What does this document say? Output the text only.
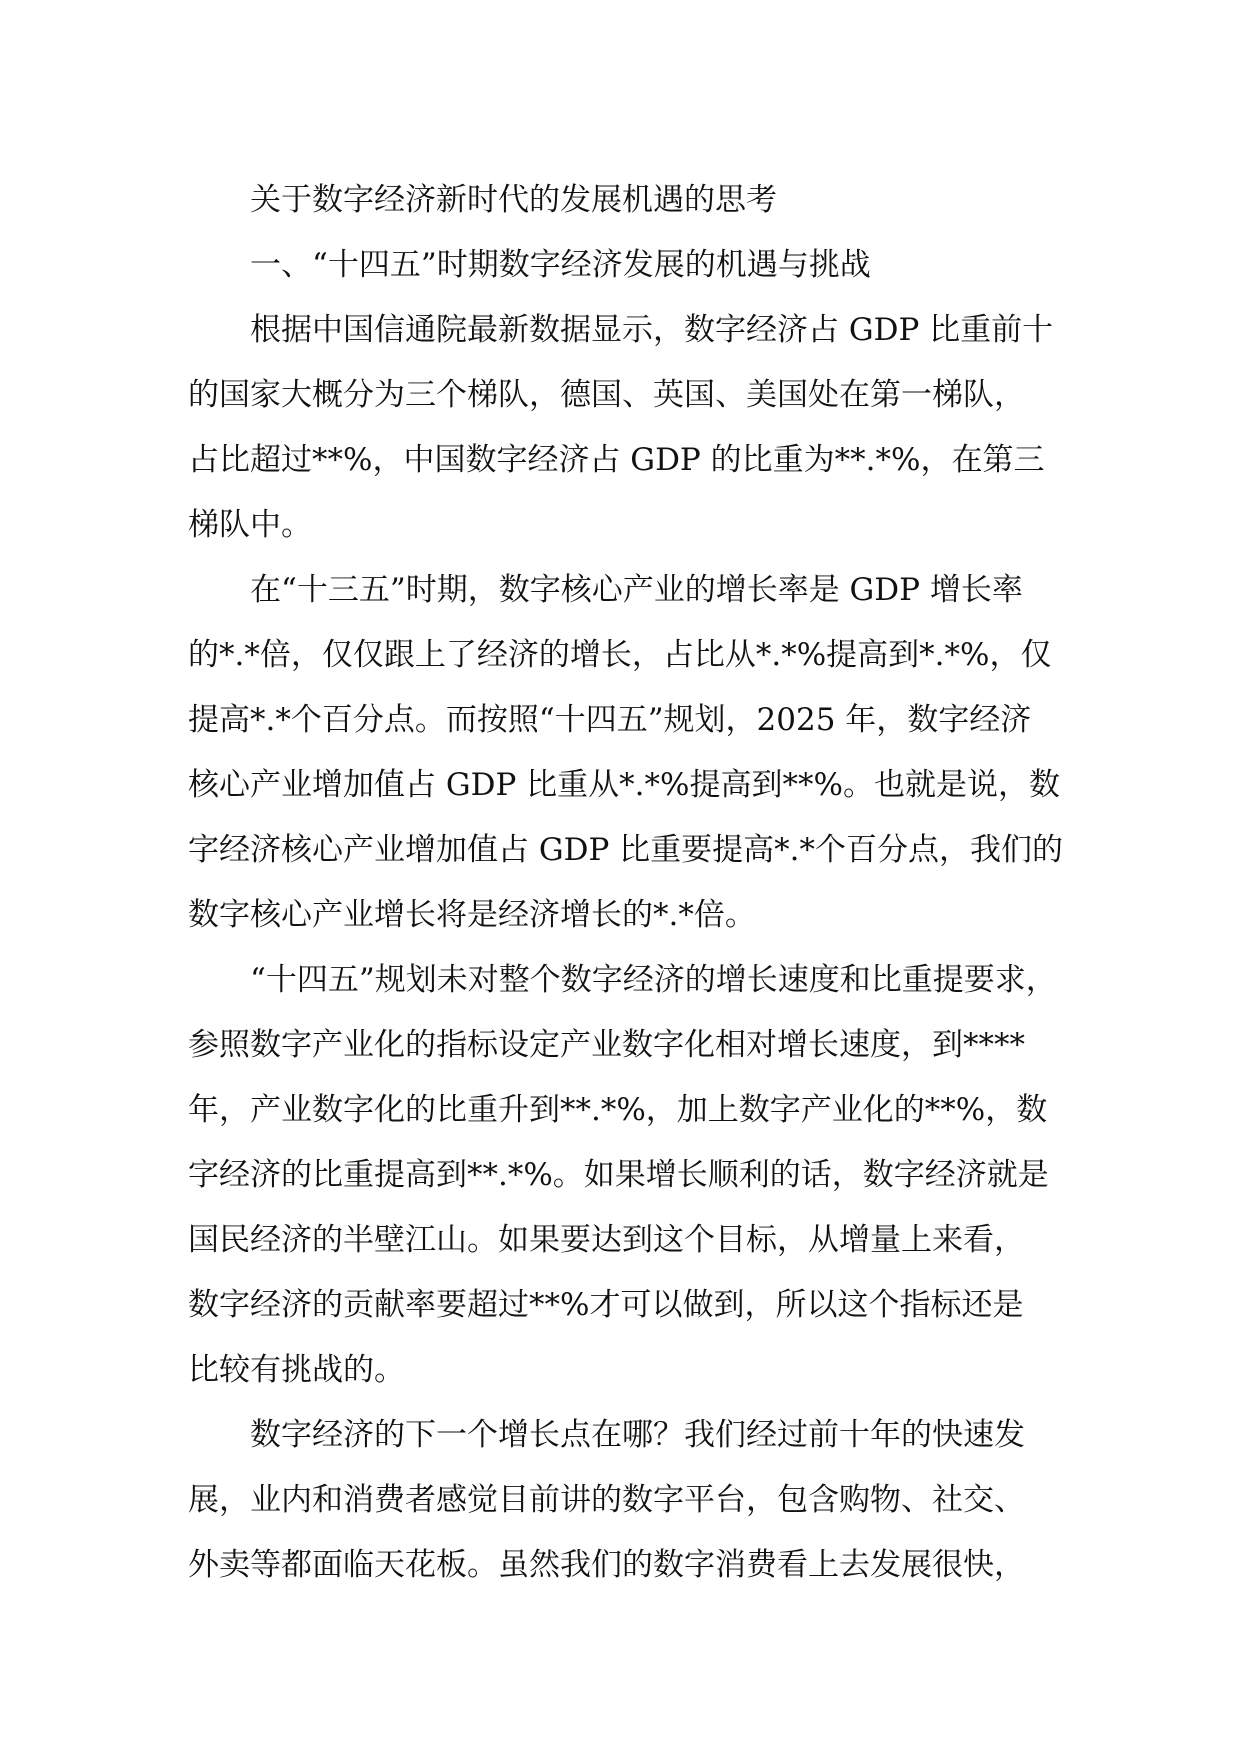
关于数字经济新时代的发展机遇的思考
一、“十四五”时期数字经济发展的机遇与挑战
根据中国信通院最新数据显示，数字经济占 GDP 比重前十
的国家大概分为三个梯队，德国、英国、美国处在第一梯队，
占比超过**%，中国数字经济占 GDP 的比重为**.*%，在第三
梯队中。
在“十三五”时期，数字核心产业的增长率是 GDP 增长率
的*.*倍，仅仅跟上了经济的增长，占比从*.*%提高到*.*%，仅
提高*.*个百分点。而按照“十四五”规划，2025 年，数字经济
核心产业增加值占 GDP 比重从*.*%提高到**%。也就是说，数
字经济核心产业增加值占 GDP 比重要提高*.*个百分点，我们的
数字核心产业增长将是经济增长的*.*倍。
“十四五”规划未对整个数字经济的增长速度和比重提要求，
参照数字产业化的指标设定产业数字化相对增长速度，到****
年，产业数字化的比重升到**.*%，加上数字产业化的**%，数
字经济的比重提高到**.*%。如果增长顺利的话，数字经济就是
国民经济的半壁江山。如果要达到这个目标，从增量上来看，
数字经济的贡献率要超过**%才可以做到，所以这个指标还是
比较有挑战的。
数字经济的下一个增长点在哪？我们经过前十年的快速发
展，业内和消费者感觉目前讲的数字平台，包含购物、社交、
外卖等都面临天花板。虽然我们的数字消费看上去发展很快，
